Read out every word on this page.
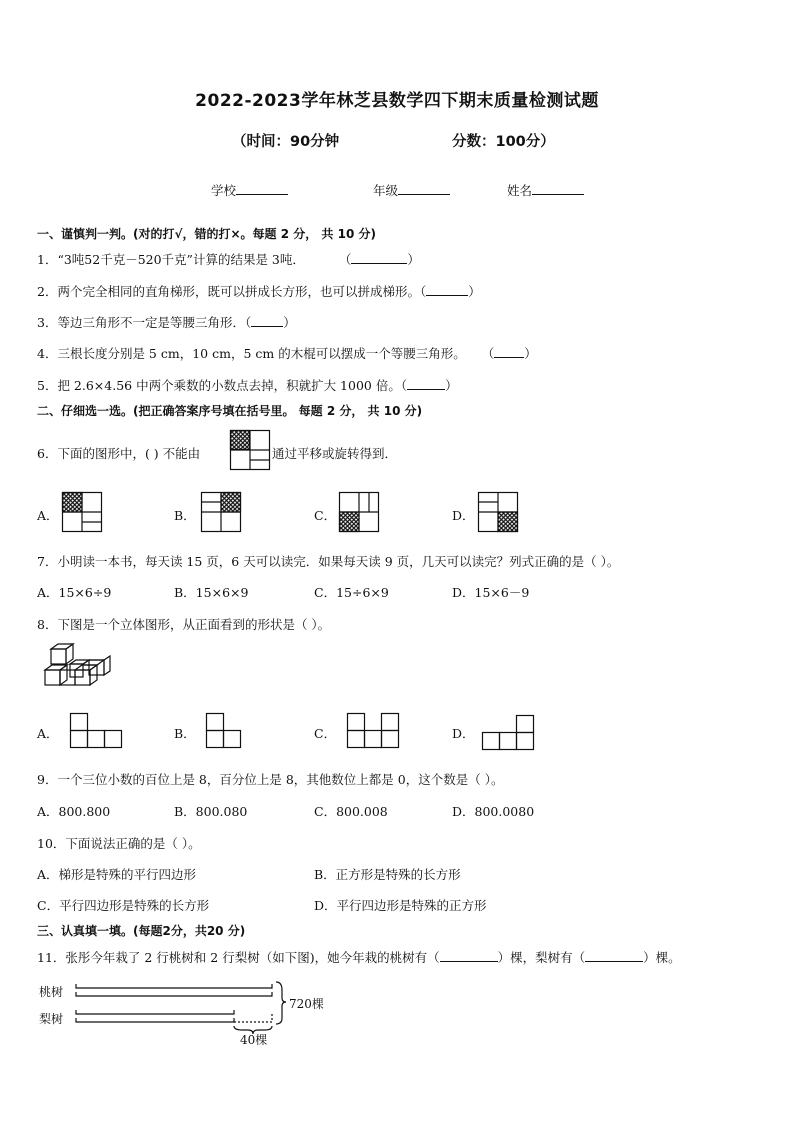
2022-2023学年林芝县数学四下期末质量检测试题
（时间：90分钟	分数：100分）
学校	年级	姓名
一、谨慎判一判。(对的打√，错的打×。每题 2 分， 共 10 分)
1．“3吨52千克－520千克”计算的结果是 3吨．	（	）
2．两个完全相同的直角梯形，既可以拼成长方形，也可以拼成梯形。（	）
3．等边三角形不一定是等腰三角形．（	）
4．三根长度分别是 5 cm，10 cm，5 cm 的木棍可以摆成一个等腰三角形。 （ ）
5．把 2.6×4.56 中两个乘数的小数点去掉，积就扩大 1000 倍。（	）
二、仔细选一选。(把正确答案序号填在括号里。 每题 2 分， 共 10 分)
6．下面的图形中，( ) 不能由	通过平移或旋转得到．
A．	B．	C．	D．
7．小明读一本书，每天读 15 页，6 天可以读完．如果每天读 9 页，几天可以读完？列式正确的是（ ）。
A．15×6÷9	B．15×6×9	C．15÷6×9	D．15×6－9
8．下图是一个立体图形，从正面看到的形状是（ ）。
A．	B．	C．	D．
9．一个三位小数的百位上是 8，百分位上是 8，其他数位上都是 0，这个数是（ ）。
A．800.800	B．800.080	C．800.008	D．800.0080
10．下面说法正确的是（ ）。
A．梯形是特殊的平行四边形	B．正方形是特殊的长方形
C．平行四边形是特殊的长方形	D．平行四边形是特殊的正方形
三、认真填一填。(每题2分，共20 分)
11．张彤今年栽了 2 行桃树和 2 行梨树（如下图)，她今年栽的桃树有（	）棵，梨树有（	）棵。
桃树
梨树
720棵
40棵
